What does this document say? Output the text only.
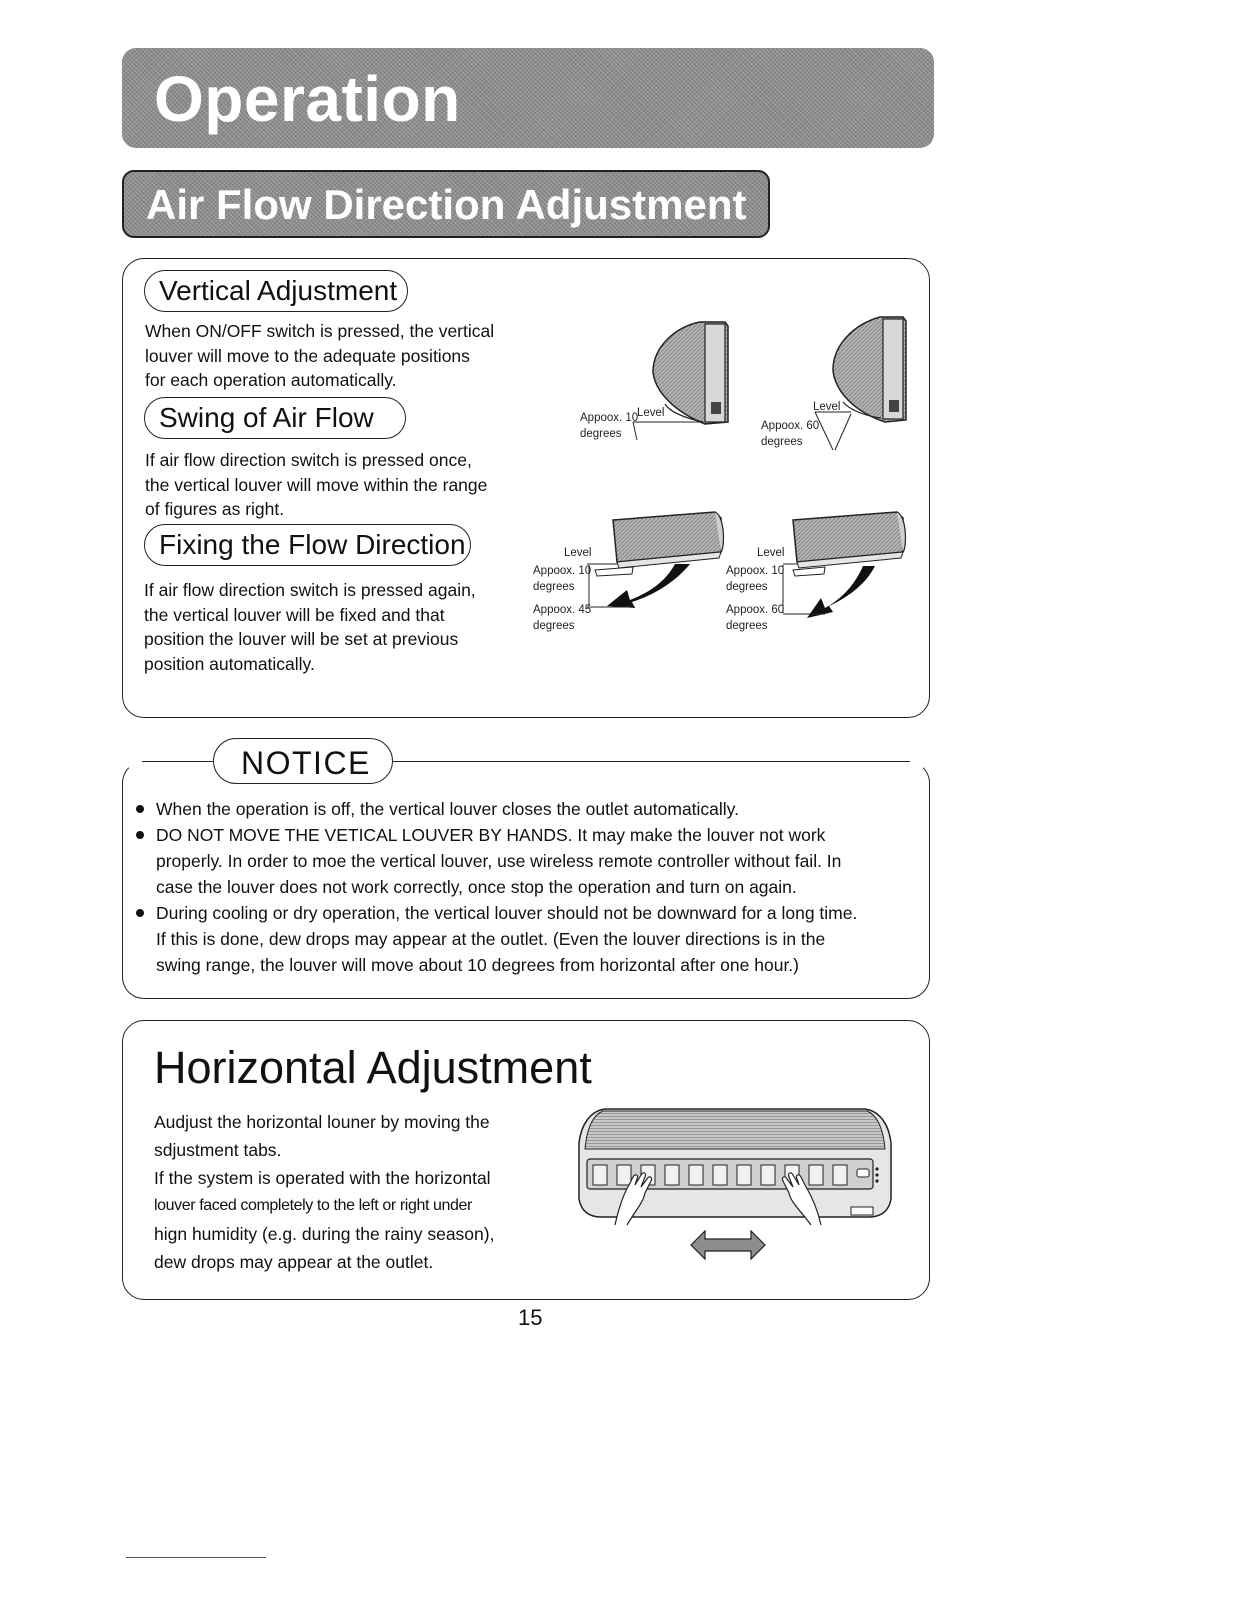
Operation
Air Flow Direction Adjustment
Vertical Adjustment
When ON/OFF switch is pressed, the vertical
louver will move to the adequate positions
for each operation automatically.
Swing of Air Flow
If air flow direction switch is pressed once,
the vertical louver will move within the range
of figures as right.
Fixing the Flow Direction
If air flow direction switch is pressed again,
the vertical louver will be fixed and that
position the louver will be set at previous
position automatically.
Level
Appoox. 10
degrees
Level
Appoox. 60
degrees
Level
Appoox. 10
degrees
Appoox. 45
degrees
Level
Appoox. 10
degrees
Appoox. 60
degrees
NOTICE
When the operation is off, the vertical louver closes the outlet automatically.
DO NOT MOVE THE VETICAL LOUVER BY HANDS. It may make the louver not work
properly. In order to moe the vertical louver, use wireless remote controller without fail. In
case the louver does not work correctly, once stop the operation and turn on again.
During cooling or dry operation, the vertical louver should not be downward for a long time.
If this is done, dew drops may appear at the outlet. (Even the louver directions is in the
swing range, the louver will move about 10 degrees from horizontal after one hour.)
Horizontal Adjustment
Audjust the horizontal louner by moving the
sdjustment tabs.
If the system is operated with the horizontal
louver faced completely to the left or right under
hign humidity (e.g. during the rainy season),
dew drops may appear at the outlet.
15
